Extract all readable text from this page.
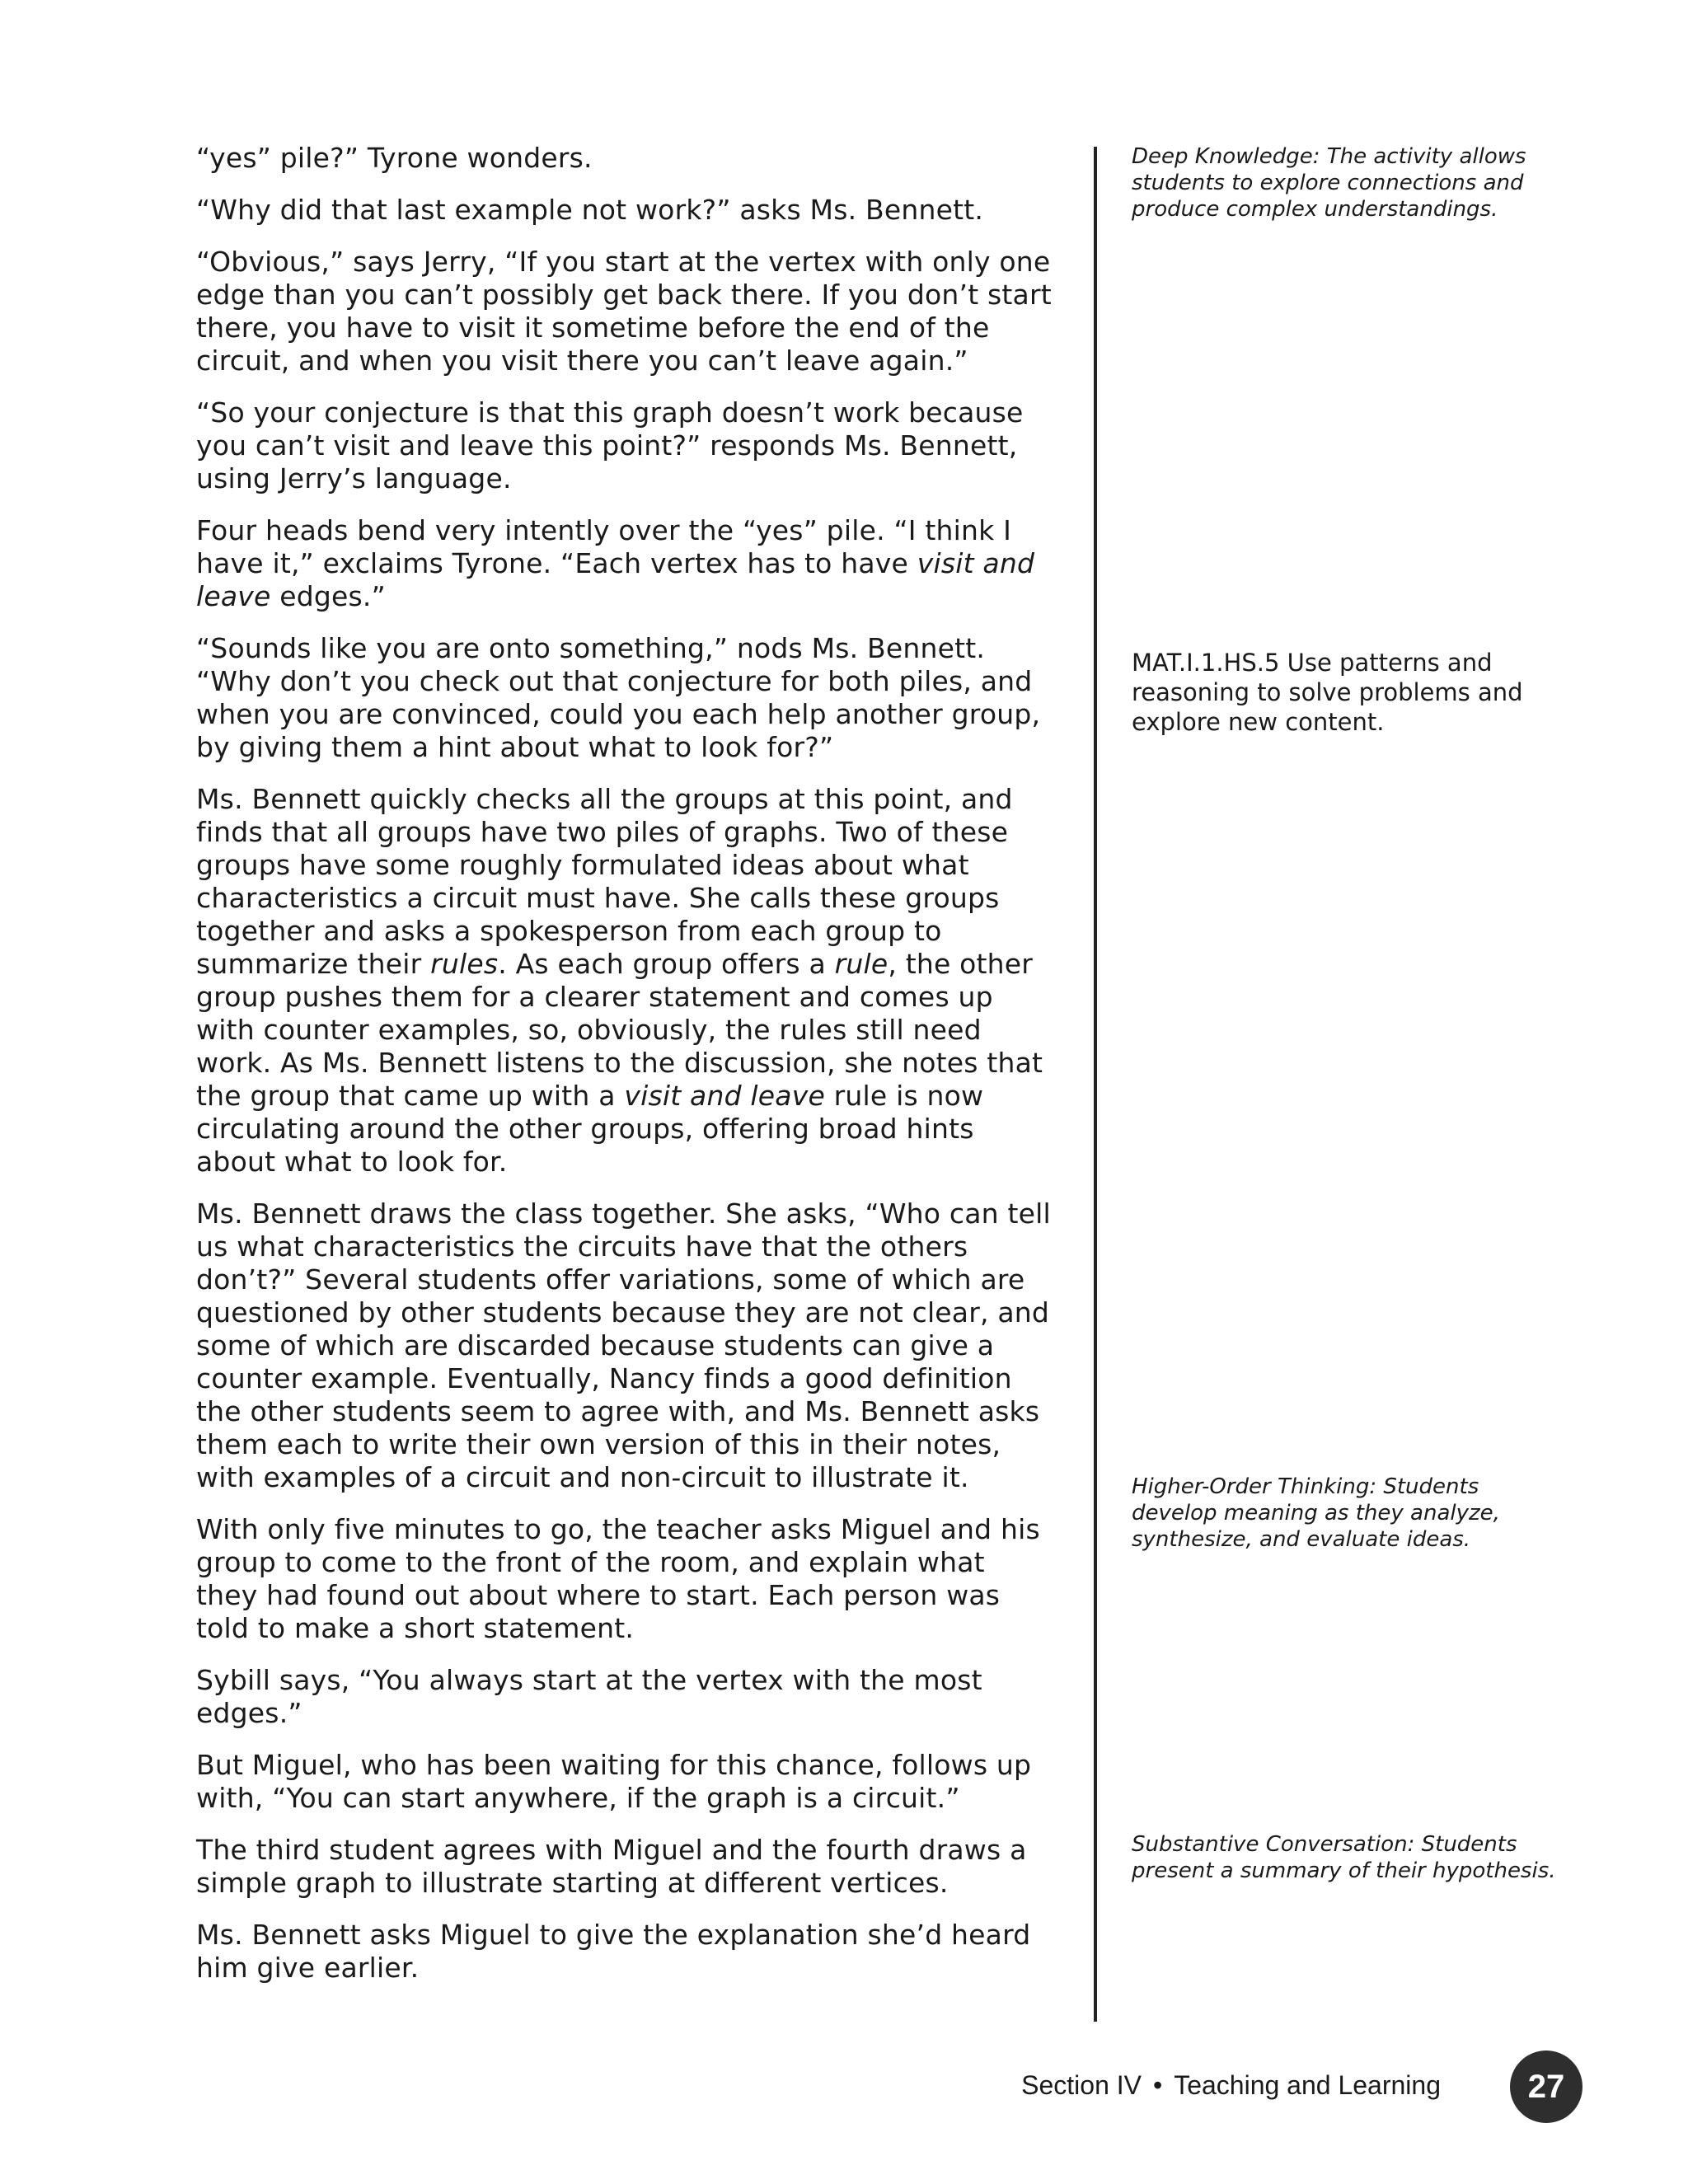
“yes” pile?” Tyrone wonders.

“Why did that last example not work?” asks Ms. Bennett.

“Obvious,” says Jerry, “If you start at the vertex with only one edge than you can’t possibly get back there. If you don’t start there, you have to visit it sometime before the end of the circuit, and when you visit there you can’t leave again.”

“So your conjecture is that this graph doesn’t work because you can’t visit and leave this point?” responds Ms. Bennett, using Jerry’s language.

Four heads bend very intently over the “yes” pile. “I think I have it,” exclaims Tyrone. “Each vertex has to have visit and leave edges.”

“Sounds like you are onto something,” nods Ms. Bennett. “Why don’t you check out that conjecture for both piles, and when you are convinced, could you each help another group, by giving them a hint about what to look for?”

Ms. Bennett quickly checks all the groups at this point, and finds that all groups have two piles of graphs. Two of these groups have some roughly formulated ideas about what characteristics a circuit must have. She calls these groups together and asks a spokesperson from each group to summarize their rules. As each group offers a rule, the other group pushes them for a clearer statement and comes up with counter examples, so, obviously, the rules still need work. As Ms. Bennett listens to the discussion, she notes that the group that came up with a visit and leave rule is now circulating around the other groups, offering broad hints about what to look for.

Ms. Bennett draws the class together. She asks, “Who can tell us what characteristics the circuits have that the others don’t?” Several students offer variations, some of which are questioned by other students because they are not clear, and some of which are discarded because students can give a counter example. Eventually, Nancy finds a good definition the other students seem to agree with, and Ms. Bennett asks them each to write their own version of this in their notes, with examples of a circuit and non-circuit to illustrate it.

With only five minutes to go, the teacher asks Miguel and his group to come to the front of the room, and explain what they had found out about where to start. Each person was told to make a short statement.

Sybill says, “You always start at the vertex with the most edges.”

But Miguel, who has been waiting for this chance, follows up with, “You can start anywhere, if the graph is a circuit.”

The third student agrees with Miguel and the fourth draws a simple graph to illustrate starting at different vertices.

Ms. Bennett asks Miguel to give the explanation she’d heard him give earlier.

Deep Knowledge: The activity allows students to explore connections and produce complex understandings.
MAT.I.1.HS.5 Use patterns and reasoning to solve problems and explore new content.
Higher-Order Thinking: Students develop meaning as they analyze, synthesize, and evaluate ideas.
Substantive Conversation: Students present a summary of their hypothesis.
Section IV • Teaching and Learning	27
